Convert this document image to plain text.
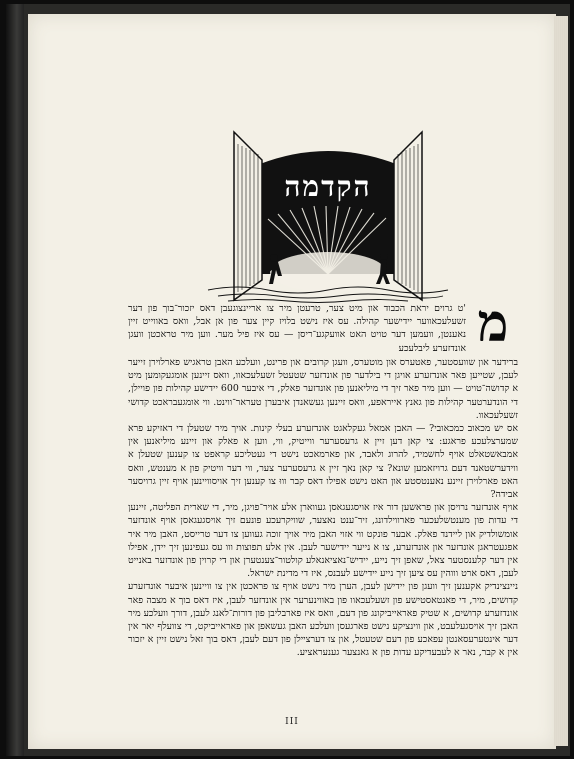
הקדמה
מ
'ט גרוים יראת הכבוד און מיט צער, טרעטן מיר צו אריינצוגעבן דאס יזכור־בוך פון דער זשעלעכאווער יידישער קהילה. עס איז נישט בלויז קיין צער פון אן אבל, וואס באווייט זיין נאענטן, וועמען דער טויט האט אוועקגע־ריסן — עס איז פיל מער. ווען מיר טראכטן וועגן אונדזערע ליבלעכע

ברידער און שוועסטער, פאטערס און מוטערס, וועגן קרובים און פרינט, וועלכע האבן טראגיש פארלוירן זייער לעבן, שטייען פאר אונדזערע אויגן די בילדער פון אונדזער שטעטל זשעלעכאוו, וואס זיינען אומגעקומען מיט א קדושה־טויט — ווען מיר פאר זיך די מיליאנען פון אונדזער פאלק, די איבער 600 יידישע קהילות פון פויילן, די הונדערטער קהילות פון גאנץ אייראפע, וואס זיינען געשאנדן איבערן טעראר־ווינט. ווי אומגעבראכט קדושי זשעלעכאוו.

אס יש מכאוב כמכאובי? — האבן אמאל געקלאגט אונדזערע בעלי קינות. אויך מיר שטעלן די דאזיקע פרא שמערצלעכע פראגע: צי קאן דען זיין א גרעסערער ווייטיק, ווי, ווען א פאלק און זיינע מיליאנען אין אמבאשטאלט אויף לחשמיד, להרוג ולאבד, און פארמאכט נישט די געטליכע קראפט צו קענען שטעלן א ווידערשטאנד דעם גרויזאמען שונא? צי קאן נאך זיין א גרעסערער צער, ווי דער וויטיק פון א מענטש, וואס האט פארלוירן זיינע נאענטסטע און האט נישט אפילו דאס קבר וווּ צו קענען זיך אויסוויינען אויף זיין גרויסער אבידה?

אויף אונדזער נרויסן און פראשען דור איז אויסגעגאסן געווארן אלע אויר־פויגן, מיר, די שארית הפליטה, זיינען די עדות פון מענטשלעכער פארווילדונג, זיר־ענט נאצער, שוויקרעכע פונעם זיך אויסגעגאסן אויף אונדזער אומשולדיק און ליידנד פאלק. אבער פונקט ווי אזוי האבן מיר אויך זוכה געווען צו דער טרייסט, האבן מיר איר אפגעטראגן אונדזער און אונדזערע, צו א נייער יידישער לעבן. אין אלע תפוצות ווו עס געפינען זיך יידן, אפילו אין דער קלענסטער צאל, שאפן זיך נייע, יידיש־נאציאנאלע קולטור־צענטערן און די קרוין פון אונדזער באנייט לעבן, דאס ארט וווהין עס ציען זיך נייע יידישע לעבנס, איז די מדינת ישראל.

ניינצינדיק אקענען זיך וועגן פון יידישן לעבן, הערן מיר נישט אויף צו פראכטן אין צו וויינען איבער אונדזערע קדושים, מיר, די פאנטאסטישע פון זשעלעכאוו פון באווינערער אין אונדזער לעבן, איז דאס בוך א מצבה פאר אונדזערע קדושים, א שטיק פאראייביקונג פון דעם, וואס איז פארבליבן פון דורות־לאנג לעבן, דורך וועלכע מיר האבן זיך אויסגעלעבט, און ווינציקע נישט פארגעסן וועלכע האבן געשאפן און פאראייביקט, די צוועלף יאר אין דער אינטערעסאנטן עפאכע פון דעם שטעטל, און צו דערציילן פון דעם לעבן, דאס בוך זאל נישט זיין א יזכור אין א קבר, נאר א לעבעדיקע עדות פון א גאנצער גענעראציע.

III
